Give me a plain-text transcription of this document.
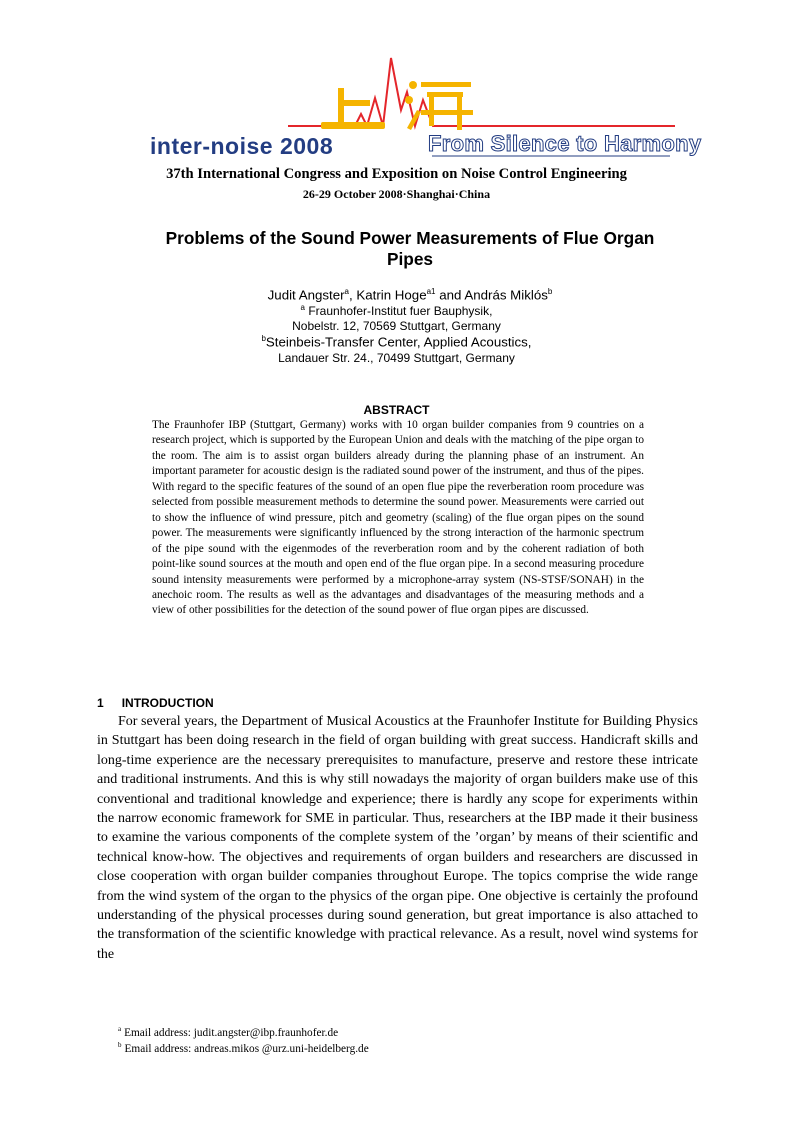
inter-noise 2008	From Silence to Harmony
37th International Congress and Exposition on Noise Control Engineering
26-29 October 2008·Shanghai·China
Problems of the Sound Power Measurements of Flue Organ
Pipes
Judit Angster$^a$, Katrin Hoge$^{a1}$ and András Miklós$^b$
$^a$ Fraunhofer-Institut fuer Bauphysik,
Nobelstr. 12, 70569 Stuttgart, Germany
$^b$Steinbeis-Transfer Center, Applied Acoustics,
Landauer Str. 24., 70499 Stuttgart, Germany
ABSTRACT
The Fraunhofer IBP (Stuttgart, Germany) works with 10 organ builder companies from 9 countries on a research project, which is supported by the European Union and deals with the matching of the pipe organ to the room. The aim is to assist organ builders already during the planning phase of an instrument. An important parameter for acoustic design is the radiated sound power of the instrument, and thus of the pipes. With regard to the specific features of the sound of an open flue pipe the reverberation room procedure was selected from possible measurement methods to determine the sound power. Measurements were carried out to show the influence of wind pressure, pitch and geometry (scaling) of the flue organ pipes on the sound power. The measurements were significantly influenced by the strong interaction of the harmonic spectrum of the pipe sound with the eigenmodes of the reverberation room and by the coherent radiation of both point-like sound sources at the mouth and open end of the flue organ pipe. In a second measuring procedure sound intensity measurements were performed by a microphone-array system (NS-STSF/SONAH) in the anechoic room. The results as well as the advantages and disadvantages of the measuring methods and a view of other possibilities for the detection of the sound power of flue organ pipes are discussed.
1 INTRODUCTION
For several years, the Department of Musical Acoustics at the Fraunhofer Institute for Building Physics in Stuttgart has been doing research in the field of organ building with great success. Handicraft skills and long-time experience are the necessary prerequisites to manufacture, preserve and restore these intricate and traditional instruments. And this is why still nowadays the majority of organ builders make use of this conventional and traditional knowledge and experience; there is hardly any scope for experiments within the narrow economic framework for SME in particular. Thus, researchers at the IBP made it their business to examine the various components of the complete system of the ’organ’ by means of their scientific and technical know-how. The objectives and requirements of organ builders and researchers are discussed in close cooperation with organ builder companies throughout Europe. The topics comprise the wide range from the wind system of the organ to the physics of the organ pipe. One objective is certainly the profound understanding of the physical processes during sound generation, but great importance is also attached to the transformation of the scientific knowledge with practical relevance. As a result, novel wind systems for the
$^a$ Email address: judit.angster@ibp.fraunhofer.de
$^b$ Email address: andreas.mikos @urz.uni-heidelberg.de
